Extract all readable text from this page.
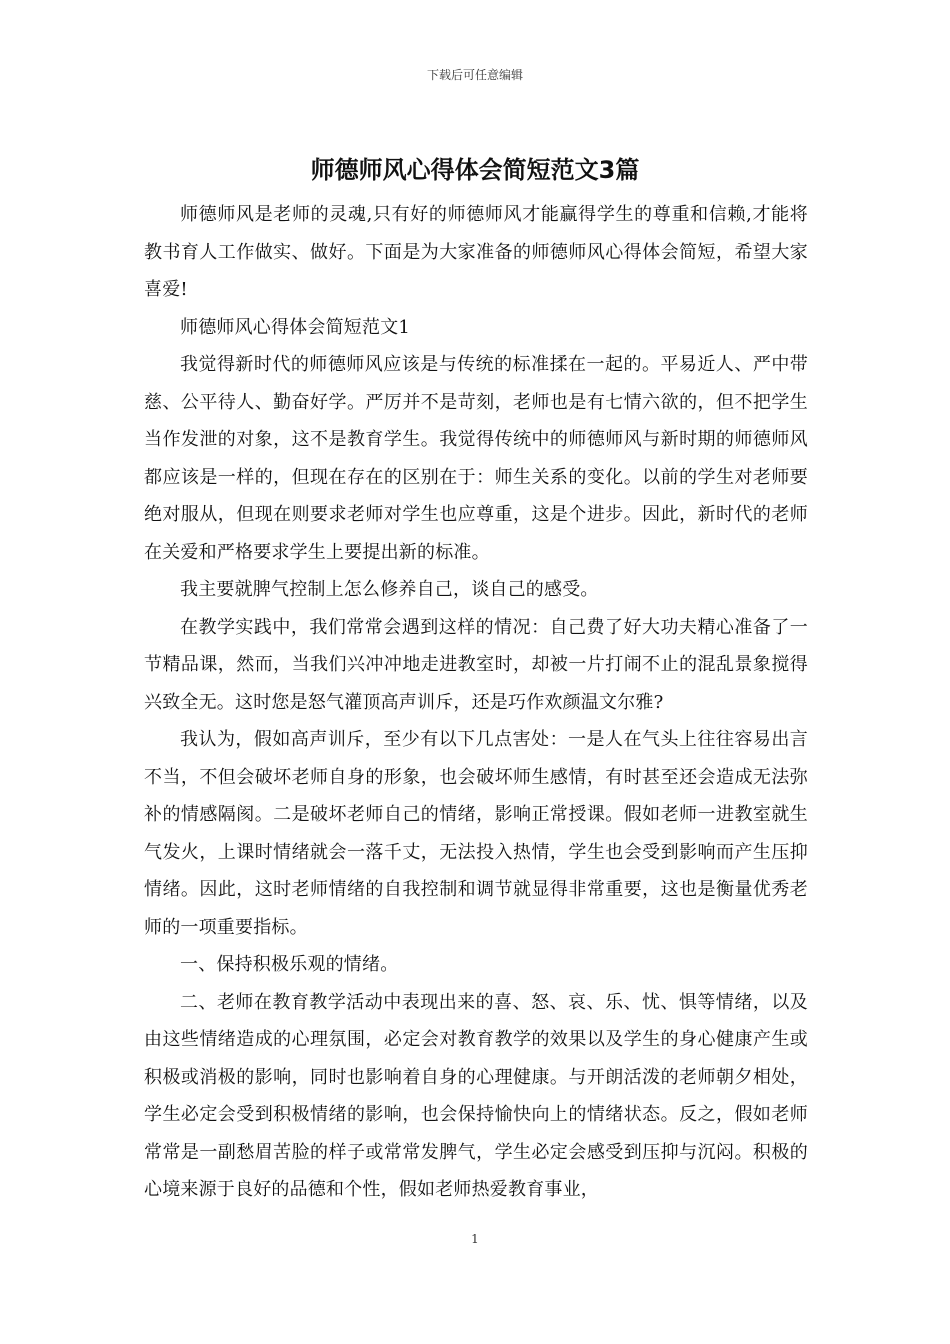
下载后可任意编辑
师德师风心得体会简短范文3篇

师德师风是老师的灵魂,只有好的师德师风才能赢得学生的尊重和信赖,才能将教书育人工作做实、做好。下面是为大家准备的师德师风心得体会简短，希望大家喜爱!

师德师风心得体会简短范文1

我觉得新时代的师德师风应该是与传统的标准揉在一起的。平易近人、严中带慈、公平待人、勤奋好学。严厉并不是苛刻，老师也是有七情六欲的，但不把学生当作发泄的对象，这不是教育学生。我觉得传统中的师德师风与新时期的师德师风都应该是一样的，但现在存在的区别在于：师生关系的变化。以前的学生对老师要绝对服从，但现在则要求老师对学生也应尊重，这是个进步。因此，新时代的老师在关爱和严格要求学生上要提出新的标准。

我主要就脾气控制上怎么修养自己，谈自己的感受。

在教学实践中，我们常常会遇到这样的情况：自己费了好大功夫精心准备了一节精品课，然而，当我们兴冲冲地走进教室时，却被一片打闹不止的混乱景象搅得兴致全无。这时您是怒气灌顶高声训斥，还是巧作欢颜温文尔雅?

我认为，假如高声训斥，至少有以下几点害处：一是人在气头上往往容易出言不当，不但会破坏老师自身的形象，也会破坏师生感情，有时甚至还会造成无法弥补的情感隔阂。二是破坏老师自己的情绪，影响正常授课。假如老师一进教室就生气发火，上课时情绪就会一落千丈，无法投入热情，学生也会受到影响而产生压抑情绪。因此，这时老师情绪的自我控制和调节就显得非常重要，这也是衡量优秀老师的一项重要指标。

一、保持积极乐观的情绪。

二、老师在教育教学活动中表现出来的喜、怒、哀、乐、忧、惧等情绪，以及由这些情绪造成的心理氛围，必定会对教育教学的效果以及学生的身心健康产生或积极或消极的影响，同时也影响着自身的心理健康。与开朗活泼的老师朝夕相处，学生必定会受到积极情绪的影响，也会保持愉快向上的情绪状态。反之，假如老师常常是一副愁眉苦脸的样子或常常发脾气，学生必定会感受到压抑与沉闷。积极的心境来源于良好的品德和个性，假如老师热爱教育事业，

1
